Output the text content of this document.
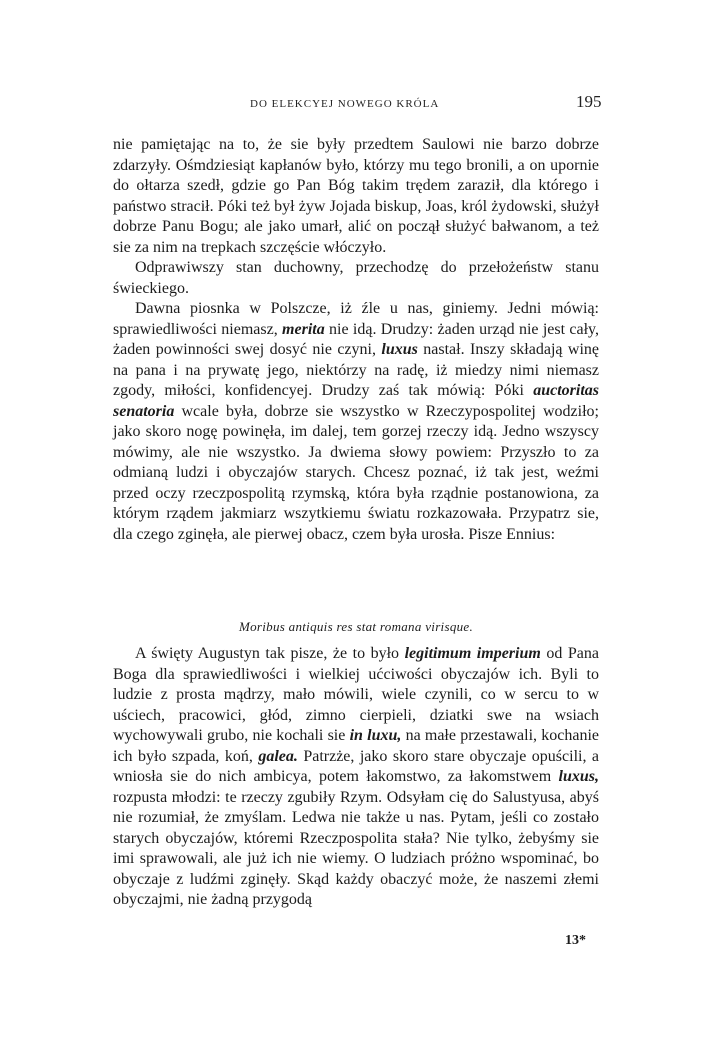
DO ELEKCYEJ NOWEGO KRÓLA	195

nie pamiętając na to, że sie były przedtem Saulowi nie barzo dobrze zdarzyły. Ośmdziesiąt kapłanów było, którzy mu tego bronili, a on upornie do ołtarza szedł, gdzie go Pan Bóg takim trędem zaraził, dla którego i państwo stracił. Póki też był żyw Jojada biskup, Joas, król żydowski, służył dobrze Panu Bogu; ale jako umarł, alić on począł służyć bałwanom, a też sie za nim na trepkach szczęście włóczyło.

Odprawiwszy stan duchowny, przechodzę do przełożeństw stanu świeckiego.

Dawna piosnka w Polszcze, iż źle u nas, giniemy. Jedni mówią: sprawiedliwości niemasz, merita nie idą. Drudzy: żaden urząd nie jest cały, żaden powinności swej dosyć nie czyni, luxus nastał. Inszy składają winę na pana i na prywatę jego, niektórzy na radę, iż miedzy nimi niemasz zgody, miłości, konfidencyej. Drudzy zaś tak mówią: Póki auctoritas senatoria wcale była, dobrze sie wszystko w Rzeczypospolitej wodziło; jako skoro nogę powinęła, im dalej, tem gorzej rzeczy idą. Jedno wszyscy mówimy, ale nie wszystko. Ja dwiema słowy powiem: Przyszło to za odmianą ludzi i obyczajów starych. Chcesz poznać, iż tak jest, weźmi przed oczy rzeczpospolitą rzymską, która była rządnie postanowiona, za którym rządem jakmiarz wszytkiemu światu rozkazowała. Przypatrz sie, dla czego zginęła, ale pierwej obacz, czem była urosła. Pisze Ennius:

Moribus antiquis res stat romana virisque.

A święty Augustyn tak pisze, że to było legitimum imperium od Pana Boga dla sprawiedliwości i wielkiej ućciwości obyczajów ich. Byli to ludzie z prosta mądrzy, mało mówili, wiele czynili, co w sercu to w uściech, pracowici, głód, zimno cierpieli, dziatki swe na wsiach wychowywali grubo, nie kochali sie in luxu, na małe przestawali, kochanie ich było szpada, koń, galea. Patrzże, jako skoro stare obyczaje opuścili, a wniosła sie do nich ambicya, potem łakomstwo, za łakomstwem luxus, rozpusta młodzi: te rzeczy zgubiły Rzym. Odsyłam cię do Salustyusa, abyś nie rozumiał, że zmyślam. Ledwa nie także u nas. Pytam, jeśli co zostało starych obyczajów, któremi Rzeczpospolita stała? Nie tylko, żebyśmy sie imi sprawowali, ale już ich nie wiemy. O ludziach próżno wspominać, bo obyczaje z ludźmi zginęły. Skąd każdy obaczyć może, że naszemi złemi obyczajmi, nie żadną przygodą

13*
